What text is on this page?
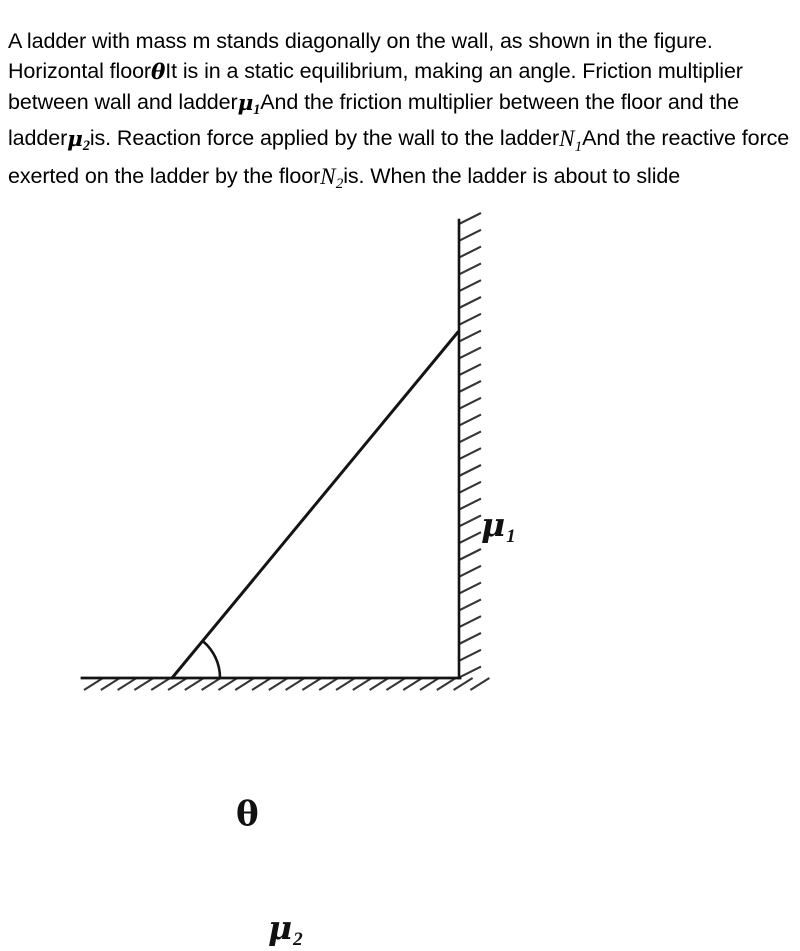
A ladder with mass m stands diagonally on the wall, as shown in the figure. Horizontal floorθIt is in a static equilibrium, making an angle. Friction multiplier between wall and ladderμ$_1$And the friction multiplier between the floor and the ladderμ$_2$is. Reaction force applied by the wall to the ladderN$_1$And the reactive force exerted on the ladder by the floorN$_2$is. When the ladder is about to slide

$\mu_1$
$\mu_2$
θ
